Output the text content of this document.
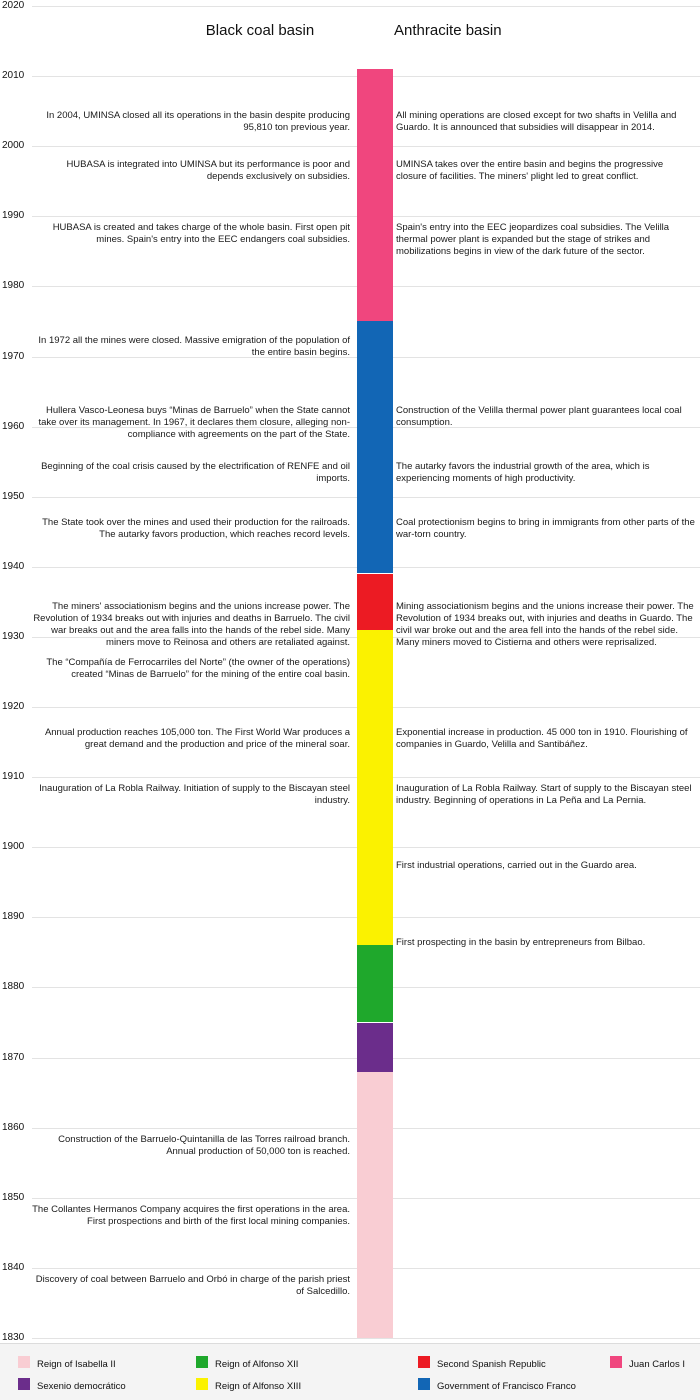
Black coal basin	Anthracite basin
2020
2010
2000
1990
1980
1970
1960
1950
1940
1930
1920
1910
1900
1890
1880
1870
1860
1850
1840
1830
In 2004, UMINSA closed all its operations in the basin despite producing 95,810 ton previous year.
HUBASA is integrated into UMINSA but its performance is poor and depends exclusively on subsidies.
HUBASA is created and takes charge of the whole basin. First open pit mines. Spain's entry into the EEC endangers coal subsidies.
In 1972 all the mines were closed. Massive emigration of the population of the entire basin begins.
Hullera Vasco-Leonesa buys “Minas de Barruelo” when the State cannot take over its management. In 1967, it declares them closure, alleging non-compliance with agreements on the part of the State.
Beginning of the coal crisis caused by the electrification of RENFE and oil imports.
The State took over the mines and used their production for the railroads. The autarky favors production, which reaches record levels.
The miners' associationism begins and the unions increase power. The Revolution of 1934 breaks out with injuries and deaths in Barruelo. The civil war breaks out and the area falls into the hands of the rebel side. Many miners move to Reinosa and others are retaliated against.
The “Compañía de Ferrocarriles del Norte” (the owner of the operations) created “Minas de Barruelo” for the mining of the entire coal basin.
Annual production reaches 105,000 ton. The First World War produces a great demand and the production and price of the mineral soar.
Inauguration of La Robla Railway. Initiation of supply to the Biscayan steel industry.
Construction of the Barruelo-Quintanilla de las Torres railroad branch. Annual production of 50,000 ton is reached.
The Collantes Hermanos Company acquires the first operations in the area. First prospections and birth of the first local mining companies.
Discovery of coal between Barruelo and Orbó in charge of the parish priest of Salcedillo.
All mining operations are closed except for two shafts in Velilla and Guardo. It is announced that subsidies will disappear in 2014.
UMINSA takes over the entire basin and begins the progressive closure of facilities. The miners' plight led to great conflict.
Spain's entry into the EEC jeopardizes coal subsidies. The Velilla thermal power plant is expanded but the stage of strikes and mobilizations begins in view of the dark future of the sector.
Construction of the Velilla thermal power plant guarantees local coal consumption.
The autarky favors the industrial growth of the area, which is experiencing moments of high productivity.
Coal protectionism begins to bring in immigrants from other parts of the war-torn country.
Mining associationism begins and the unions increase their power. The Revolution of 1934 breaks out, with injuries and deaths in Guardo. The civil war broke out and the area fell into the hands of the rebel side. Many miners moved to Cistierna and others were reprisalized.
Exponential increase in production. 45 000 ton in 1910. Flourishing of companies in Guardo, Velilla and Santibáñez.
Inauguration of La Robla Railway. Start of supply to the Biscayan steel industry. Beginning of operations in La Peña and La Pernia.
First industrial operations, carried out in the Guardo area.
First prospecting in the basin by entrepreneurs from Bilbao.
Reign of Isabella II	Reign of Alfonso XII	Second Spanish Republic	Juan Carlos I
Sexenio democrático	Reign of Alfonso XIII	Government of Francisco Franco
